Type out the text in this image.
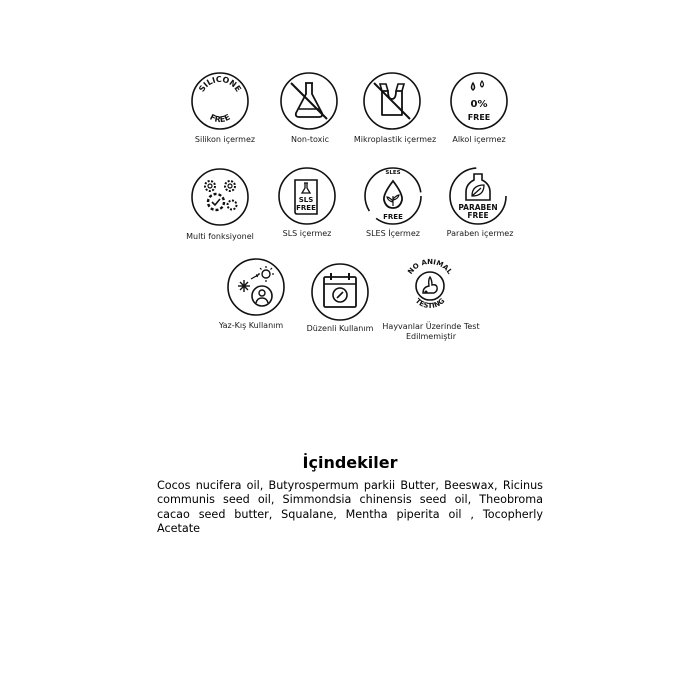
SILICONE
FREE
Silikon içermez	Non-toxic	Mikroplastik içermez
0%
FREE
Alkol içermez
Multi fonksiyonel
SLS
FREE
SLS içermez
SLES
FREE
SLES İçermez
PARABEN
FREE
Paraben içermez
Yaz-Kış Kullanım	Düzenli Kullanım
NO ANIMAL
TESTING
Hayvanlar Üzerinde Test Edilmemiştir
İçindekiler
Cocos nucifera oil, Butyrospermum parkii Butter, Beeswax, Ricinus communis seed oil, Simmondsia chinensis seed oil, Theobroma cacao seed butter, Squalane, Mentha piperita oil , Tocopherly Acetate
